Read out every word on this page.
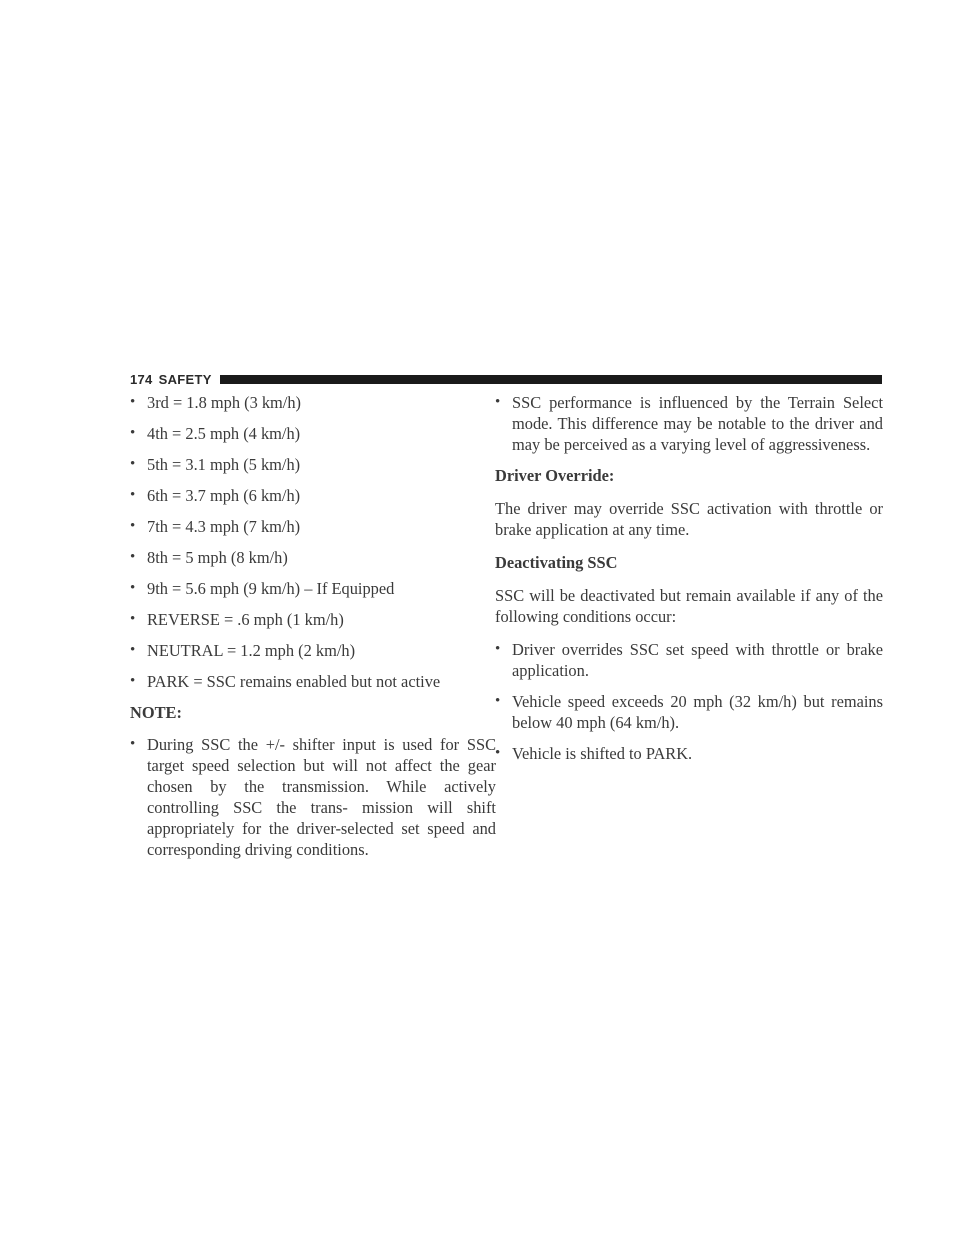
174 SAFETY
• 3rd = 1.8 mph (3 km/h)
• 4th = 2.5 mph (4 km/h)
• 5th = 3.1 mph (5 km/h)
• 6th = 3.7 mph (6 km/h)
• 7th = 4.3 mph (7 km/h)
• 8th = 5 mph (8 km/h)
• 9th = 5.6 mph (9 km/h) – If Equipped
• REVERSE = .6 mph (1 km/h)
• NEUTRAL = 1.2 mph (2 km/h)
• PARK = SSC remains enabled but not active
NOTE:
• During SSC the +/- shifter input is used for SSC target speed selection but will not affect the gear chosen by the transmission. While actively controlling SSC the trans- mission will shift appropriately for the driver-selected set speed and corresponding driving conditions.
• SSC performance is influenced by the Terrain Select mode. This difference may be notable to the driver and may be perceived as a varying level of aggressiveness.
Driver Override:
The driver may override SSC activation with throttle or brake application at any time.
Deactivating SSC
SSC will be deactivated but remain available if any of the following conditions occur:
• Driver overrides SSC set speed with throttle or brake application.
• Vehicle speed exceeds 20 mph (32 km/h) but remains below 40 mph (64 km/h).
• Vehicle is shifted to PARK.
